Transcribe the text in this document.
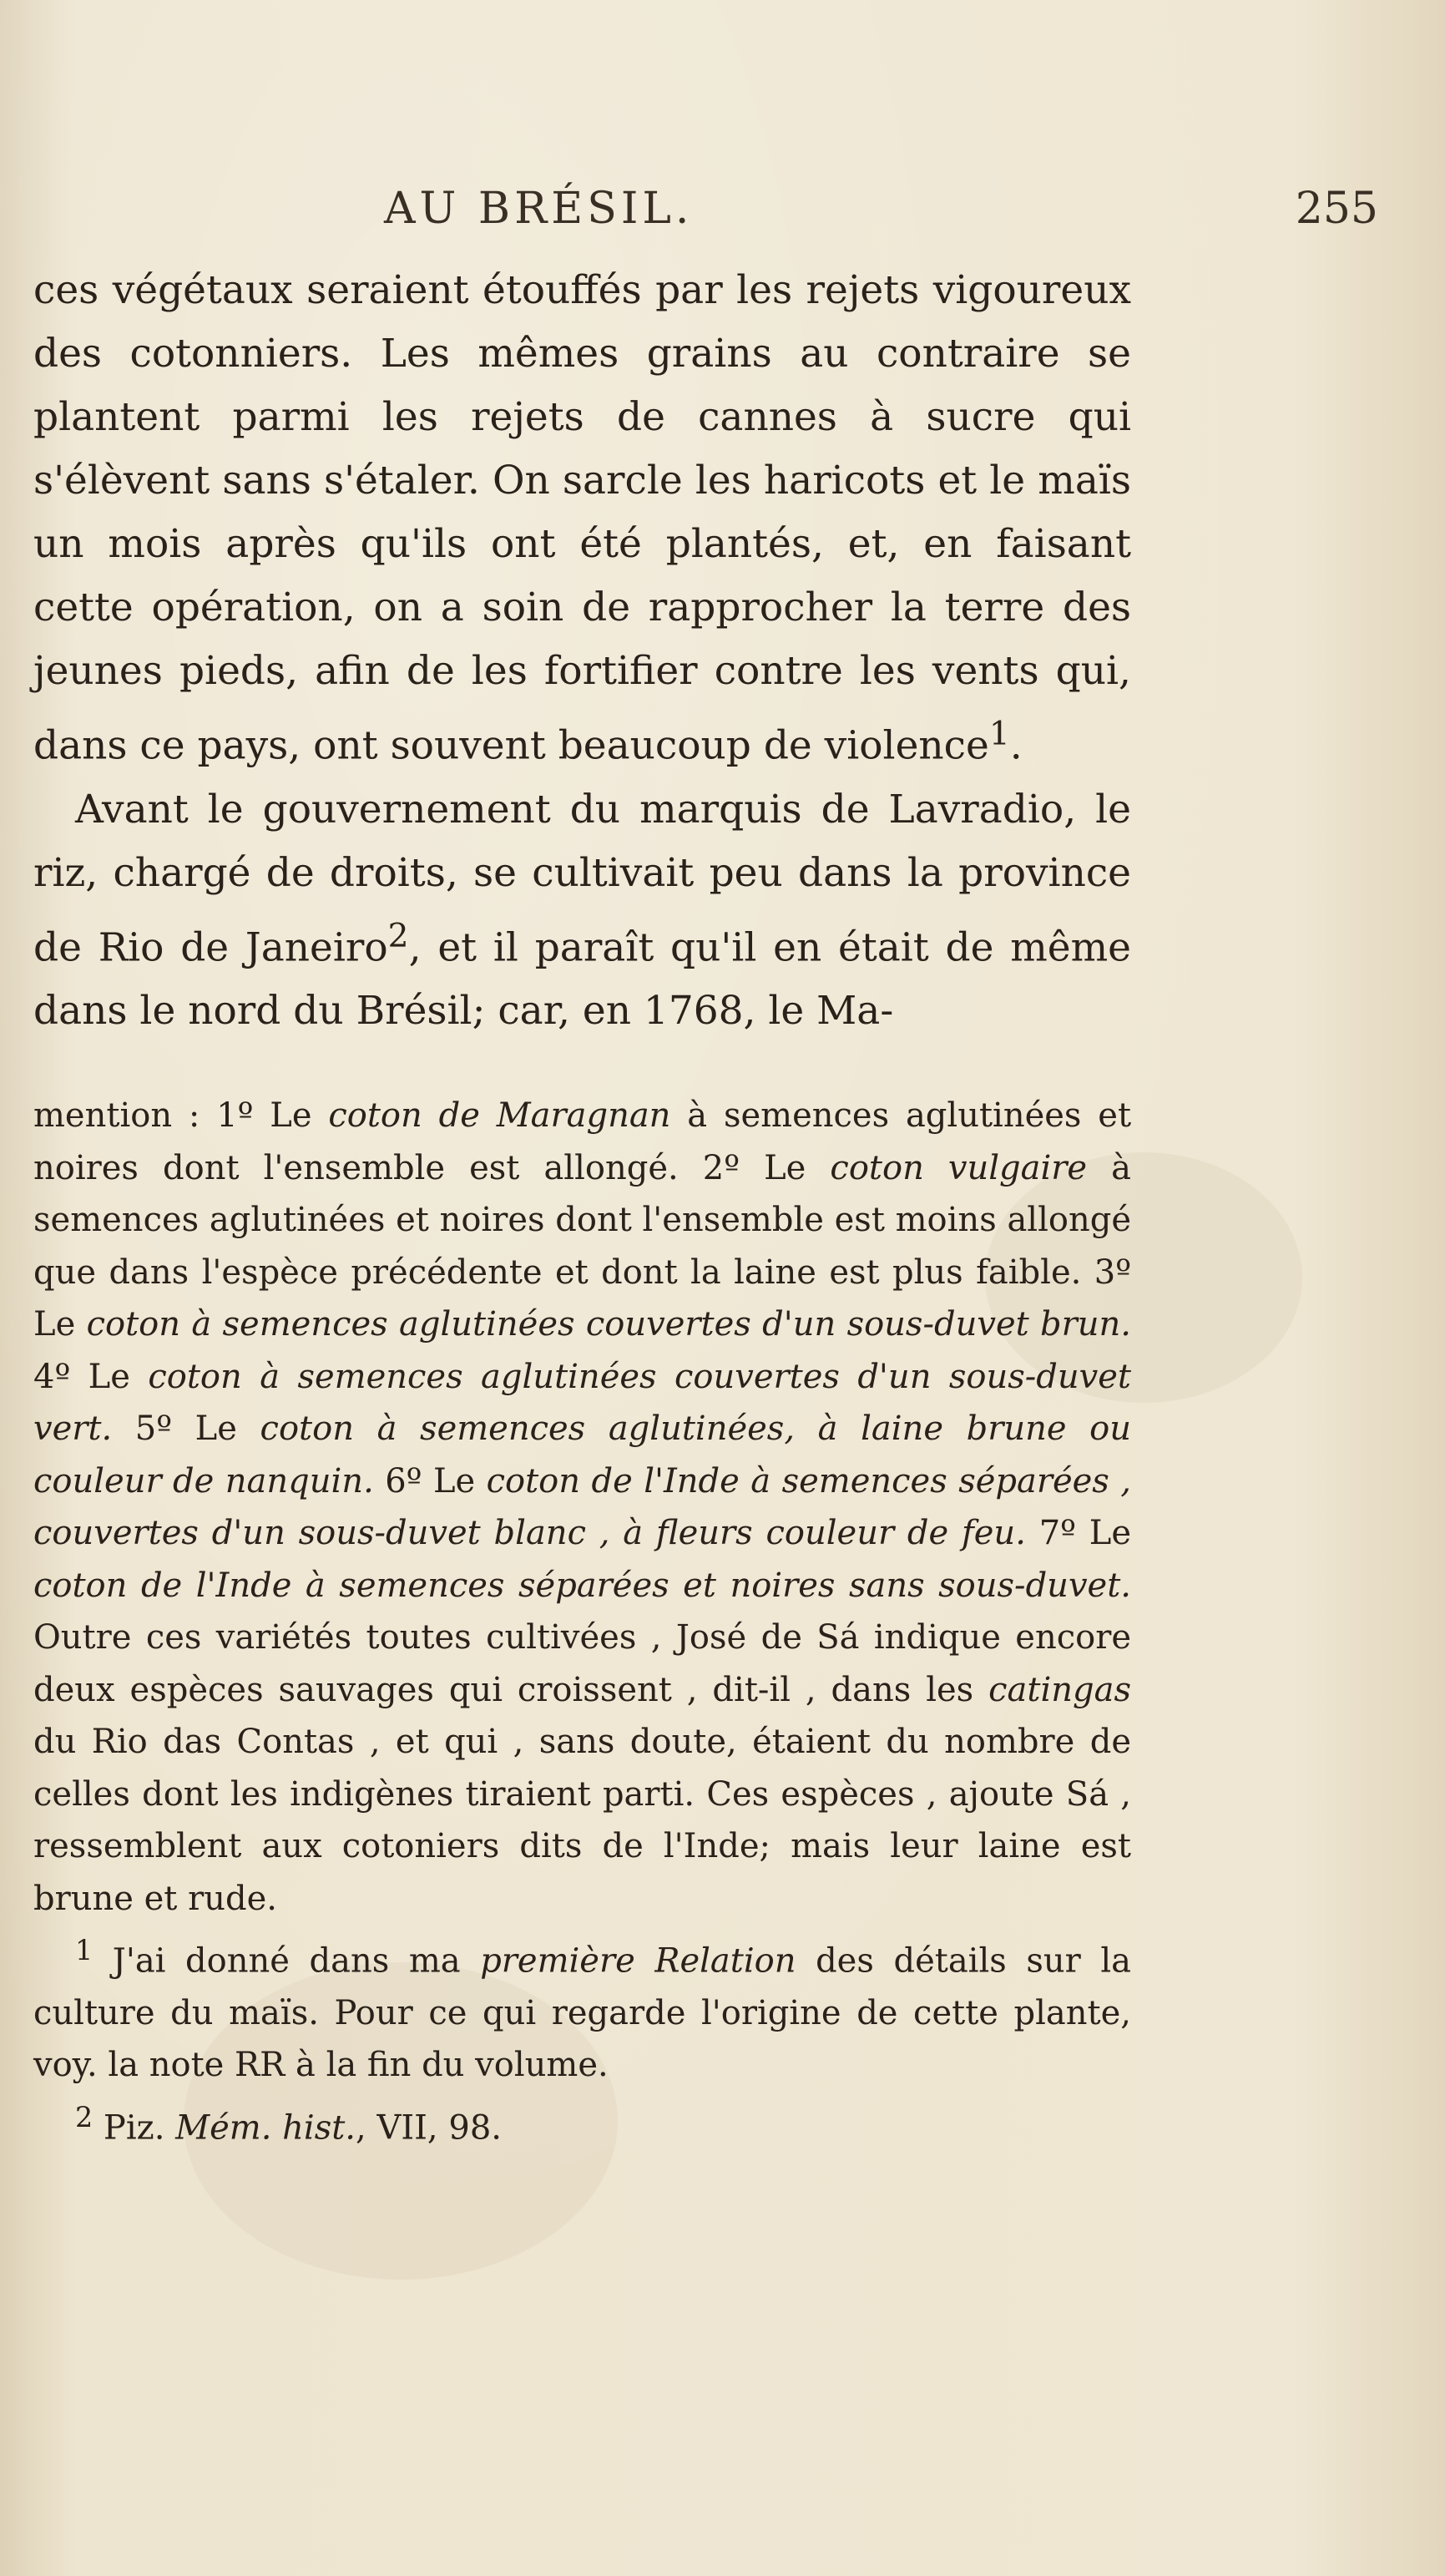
AU BRÉSIL.	255

ces végétaux seraient étouffés par les rejets vigoureux des cotonniers. Les mêmes grains au contraire se plantent parmi les rejets de cannes à sucre qui s'élèvent sans s'étaler. On sarcle les haricots et le maïs un mois après qu'ils ont été plantés, et, en faisant cette opération, on a soin de rapprocher la terre des jeunes pieds, afin de les fortifier contre les vents qui, dans ce pays, ont souvent beaucoup de violence$^1$.

Avant le gouvernement du marquis de Lavradio, le riz, chargé de droits, se cultivait peu dans la province de Rio de Janeiro$^2$, et il paraît qu'il en était de même dans le nord du Brésil; car, en 1768, le Ma-

mention : 1º Le coton de Maragnan à semences aglutinées et noires dont l'ensemble est allongé. 2º Le coton vulgaire à semences aglutinées et noires dont l'ensemble est moins allongé que dans l'espèce précédente et dont la laine est plus faible. 3º Le coton à semences aglutinées couvertes d'un sous-duvet brun. 4º Le coton à semences aglutinées couvertes d'un sous-duvet vert. 5º Le coton à semences aglutinées, à laine brune ou couleur de nanquin. 6º Le coton de l'Inde à semences séparées , couvertes d'un sous-duvet blanc , à fleurs couleur de feu. 7º Le coton de l'Inde à semences séparées et noires sans sous-duvet. Outre ces variétés toutes cultivées , José de Sá indique encore deux espèces sauvages qui croissent , dit-il , dans les catingas du Rio das Contas , et qui , sans doute, étaient du nombre de celles dont les indigènes tiraient parti. Ces espèces , ajoute Sá , ressemblent aux cotoniers dits de l'Inde; mais leur laine est brune et rude.

$^1$ J'ai donné dans ma première Relation des détails sur la culture du maïs. Pour ce qui regarde l'origine de cette plante, voy. la note RR à la fin du volume.

$^2$ Piz. Mém. hist., VII, 98.
